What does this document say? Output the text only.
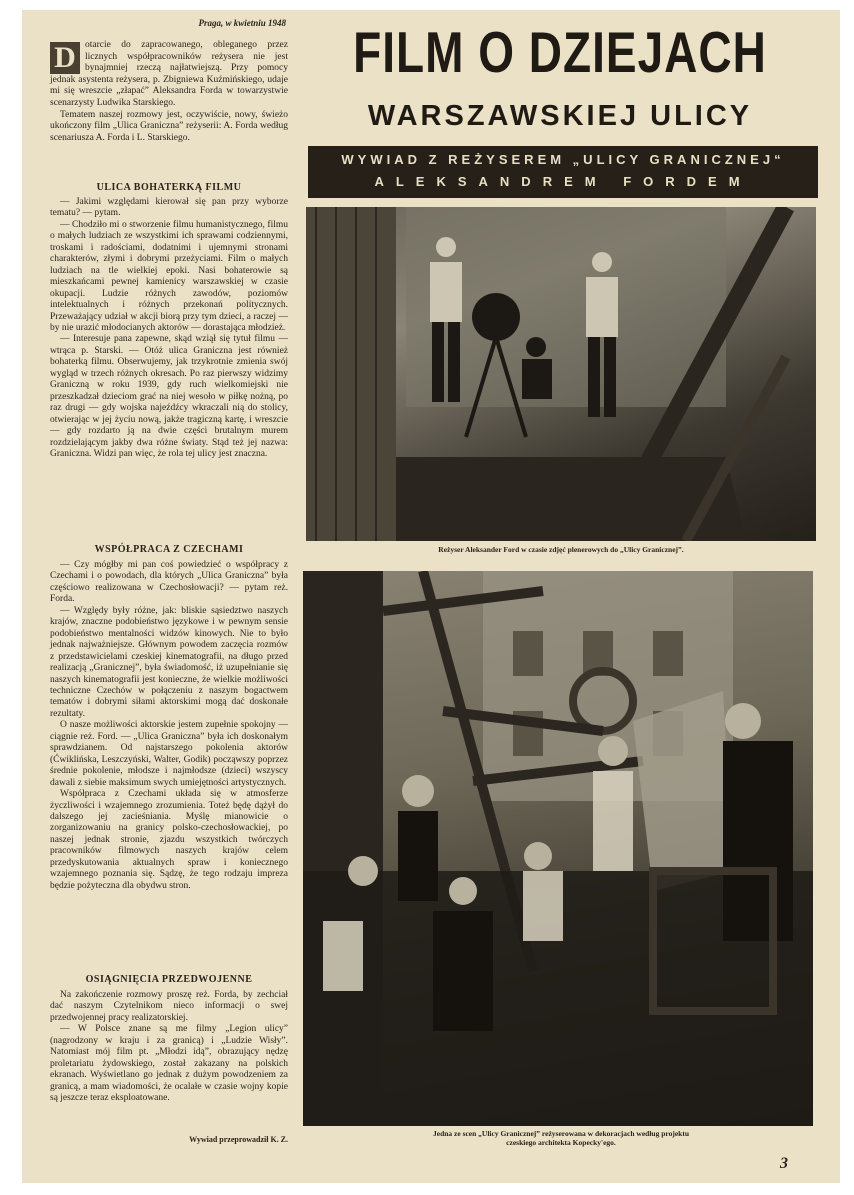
Praga, w kwietniu 1948
D otarcie do zapracowanego, obleganego przez licznych współpracowników reżysera nie jest bynajmniej rzeczą najłatwiejszą. Przy pomocy jednak asystenta reżysera, p. Zbigniewa Kuźmińskiego, udaje mi się wreszcie „złapać” Aleksandra Forda w towarzystwie scenarzysty Ludwika Starskiego.

Tematem naszej rozmowy jest, oczywiście, nowy, świeżo ukończony film „Ulica Graniczna” reżyserii: A. Forda według scenariusza A. Forda i L. Starskiego.

ULICA BOHATERKĄ FILMU

— Jakimi względami kierował się pan przy wyborze tematu? — pytam.

— Chodziło mi o stworzenie filmu humanistycznego, filmu o małych ludziach ze wszystkimi ich sprawami codziennymi, troskami i radościami, dodatnimi i ujemnymi stronami charakterów, złymi i dobrymi przeżyciami. Film o małych ludziach na tle wielkiej epoki. Nasi bohaterowie są mieszkańcami pewnej kamienicy warszawskiej w czasie okupacji. Ludzie różnych zawodów, poziomów intelektualnych i różnych przekonań politycznych. Przeważający udział w akcji biorą przy tym dzieci, a raczej — by nie urazić młodocianych aktorów — dorastająca młodzież.

— Interesuje pana zapewne, skąd wziął się tytuł filmu — wtrąca p. Starski. — Otóż ulica Graniczna jest również bohaterką filmu. Obserwujemy, jak trzykrotnie zmienia swój wygląd w trzech różnych okresach. Po raz pierwszy widzimy Graniczną w roku 1939, gdy ruch wielkomiejski nie przeszkadzał dzieciom grać na niej wesoło w piłkę nożną, po raz drugi — gdy wojska najeźdźcy wkraczali nią do stolicy, otwierając w jej życiu nową, jakże tragiczną kartę, i wreszcie — gdy rozdarto ją na dwie części brutalnym murem rozdzielającym jakby dwa różne światy. Stąd też jej nazwa: Graniczna. Widzi pan więc, że rola tej ulicy jest znaczna.

WSPÓŁPRACA Z CZECHAMI

— Czy mógłby mi pan coś powiedzieć o współpracy z Czechami i o powodach, dla których „Ulica Graniczna” była częściowo realizowana w Czechosłowacji? — pytam reż. Forda.

— Względy były różne, jak: bliskie sąsiedztwo naszych krajów, znaczne podobieństwo językowe i w pewnym sensie podobieństwo mentalności widzów kinowych. Nie to było jednak najważniejsze. Głównym powodem zaczęcia rozmów z przedstawicielami czeskiej kinematografii, na długo przed realizacją „Granicznej”, była świadomość, iż uzupełnianie się naszych kinematografii jest konieczne, że wielkie możliwości techniczne Czechów w połączeniu z naszym bogactwem tematów i dobrymi siłami aktorskimi mogą dać doskonałe rezultaty.

O nasze możliwości aktorskie jestem zupełnie spokojny — ciągnie reż. Ford. — „Ulica Graniczna” była ich doskonałym sprawdzianem. Od najstarszego pokolenia aktorów (Ćwiklińska, Leszczyński, Walter, Godik) począwszy poprzez średnie pokolenie, młodsze i najmłodsze (dzieci) wszyscy dawali z siebie maksimum swych umiejętności artystycznych.

Współpraca z Czechami układa się w atmosferze życzliwości i wzajemnego zrozumienia. Toteż będę dążył do dalszego jej zacieśniania. Myślę mianowicie o zorganizowaniu na granicy polsko-czechosłowackiej, po naszej jednak stronie, zjazdu wszystkich twórczych pracowników filmowych naszych krajów celem przedyskutowania aktualnych spraw i koniecznego wzajemnego poznania się. Sądzę, że tego rodzaju impreza będzie pożyteczna dla obydwu stron.

OSIĄGNIĘCIA PRZEDWOJENNE

Na zakończenie rozmowy proszę reż. Forda, by zechciał dać naszym Czytelnikom nieco informacji o swej przedwojennej pracy realizatorskiej.

— W Polsce znane są me filmy „Legion ulicy” (nagrodzony w kraju i za granicą) i „Ludzie Wisły”. Natomiast mój film pt. „Młodzi idą”, obrazujący nędzę proletariatu żydowskiego, został zakazany na polskich ekranach. Wyświetlano go jednak z dużym powodzeniem za granicą, a mam wiadomości, że ocalałe w czasie wojny kopie są jeszcze teraz eksploatowane.

Wywiad przeprowadził K. Z.
FILM O DZIEJACH
WARSZAWSKIEJ ULICY
WYWIAD Z REŻYSEREM „ULICY GRANICZNEJ“
ALEKSANDREM FORDEM
Reżyser Aleksander Ford w czasie zdjęć plenerowych do „Ulicy Granicznej”.
Jedna ze scen „Ulicy Granicznej” reżyserowana w dekoracjach według projektu
czeskiego architekta Kopecky'ego.
3
